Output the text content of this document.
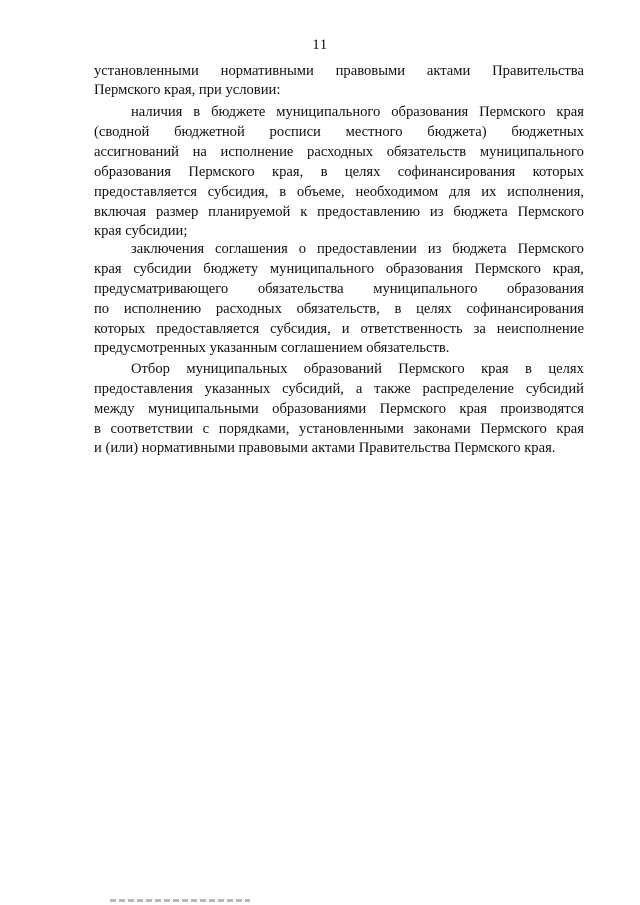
11
установленными нормативными правовыми актами Правительства
Пермского края, при условии:
наличия в бюджете муниципального образования Пермского края
(сводной бюджетной росписи местного бюджета) бюджетных
ассигнований на исполнение расходных обязательств муниципального
образования Пермского края, в целях софинансирования которых
предоставляется субсидия, в объеме, необходимом для их исполнения,
включая размер планируемой к предоставлению из бюджета Пермского
края субсидии;
заключения соглашения о предоставлении из бюджета Пермского
края субсидии бюджету муниципального образования Пермского края,
предусматривающего обязательства муниципального образования
по исполнению расходных обязательств, в целях софинансирования
которых предоставляется субсидия, и ответственность за неисполнение
предусмотренных указанным соглашением обязательств.
Отбор муниципальных образований Пермского края в целях
предоставления указанных субсидий, а также распределение субсидий
между муниципальными образованиями Пермского края производятся
в соответствии с порядками, установленными законами Пермского края
и (или) нормативными правовыми актами Правительства Пермского края.
